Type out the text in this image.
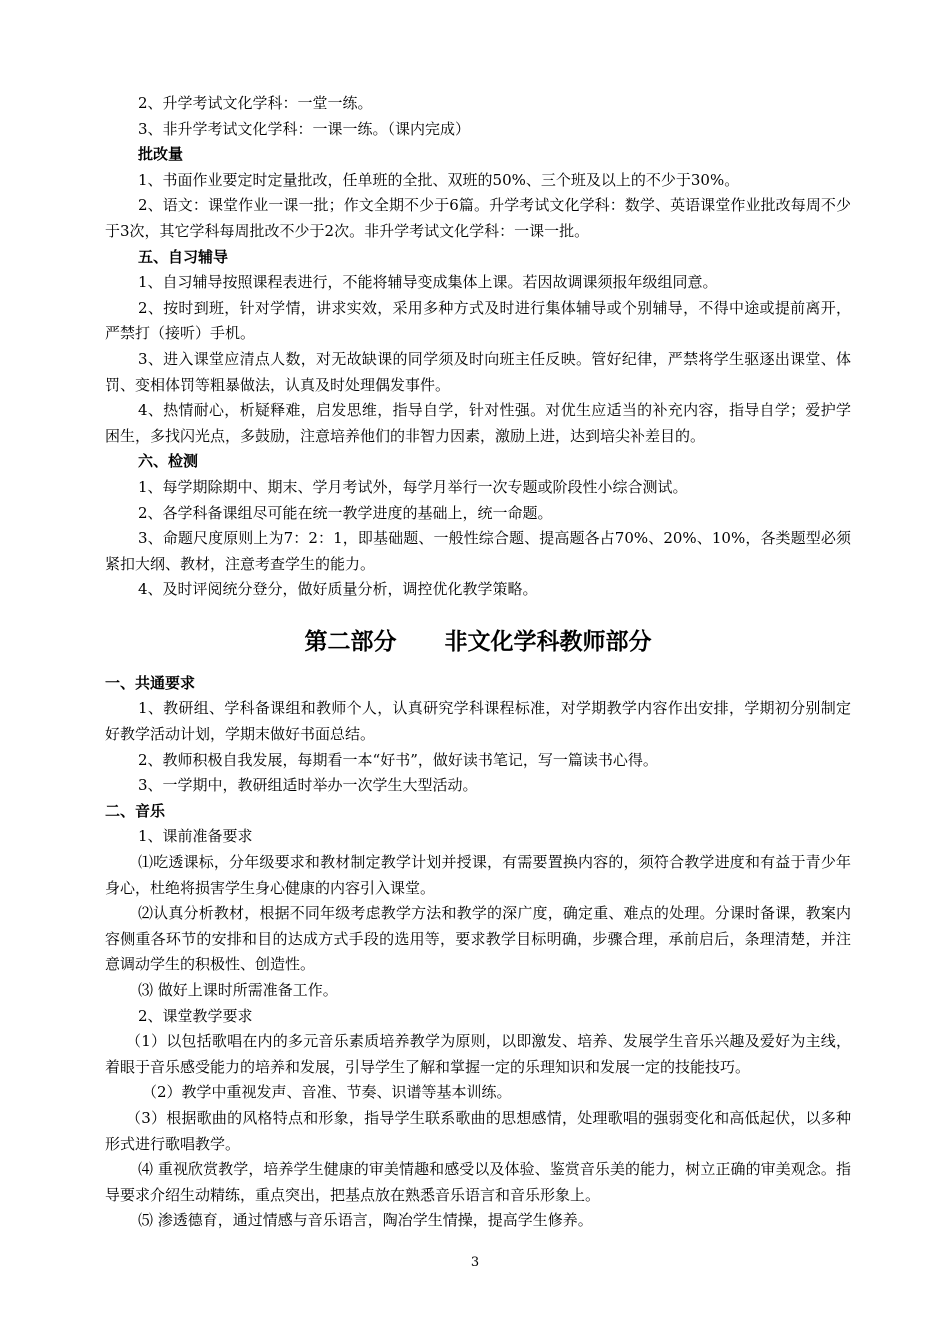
2、升学考试文化学科：一堂一练。

3、非升学考试文化学科：一课一练。（课内完成）

批改量

1、书面作业要定时定量批改，任单班的全批、双班的50%、三个班及以上的不少于30%。

2、语文：课堂作业一课一批；作文全期不少于6篇。升学考试文化学科：数学、英语课堂作业批改每周不少于3次，其它学科每周批改不少于2次。非升学考试文化学科：一课一批。

五、自习辅导

1、自习辅导按照课程表进行，不能将辅导变成集体上课。若因故调课须报年级组同意。

2、按时到班，针对学情，讲求实效，采用多种方式及时进行集体辅导或个别辅导，不得中途或提前离开，严禁打（接听）手机。

3、进入课堂应清点人数，对无故缺课的同学须及时向班主任反映。管好纪律，严禁将学生驱逐出课堂、体罚、变相体罚等粗暴做法，认真及时处理偶发事件。

4、热情耐心，析疑释难，启发思维，指导自学，针对性强。对优生应适当的补充内容，指导自学；爱护学困生，多找闪光点，多鼓励，注意培养他们的非智力因素，激励上进，达到培尖补差目的。

六、检测

1、每学期除期中、期末、学月考试外，每学月举行一次专题或阶段性小综合测试。

2、各学科备课组尽可能在统一教学进度的基础上，统一命题。

3、命题尺度原则上为7：2：1，即基础题、一般性综合题、提高题各占70%、20%、10%，各类题型必须紧扣大纲、教材，注意考查学生的能力。

4、及时评阅统分登分，做好质量分析，调控优化教学策略。

第二部分 非文化学科教师部分

一、共通要求

1、教研组、学科备课组和教师个人，认真研究学科课程标准，对学期教学内容作出安排，学期初分别制定好教学活动计划，学期末做好书面总结。

2、教师积极自我发展，每期看一本“好书”，做好读书笔记，写一篇读书心得。

3、一学期中，教研组适时举办一次学生大型活动。

二、音乐

1、课前准备要求

⑴吃透课标，分年级要求和教材制定教学计划并授课，有需要置换内容的，须符合教学进度和有益于青少年身心，杜绝将损害学生身心健康的内容引入课堂。

⑵认真分析教材，根据不同年级考虑教学方法和教学的深广度，确定重、难点的处理。分课时备课，教案内容侧重各环节的安排和目的达成方式手段的选用等，要求教学目标明确，步骤合理，承前启后，条理清楚，并注意调动学生的积极性、创造性。

⑶ 做好上课时所需准备工作。

2、课堂教学要求

（1）以包括歌唱在内的多元音乐素质培养教学为原则，以即激发、培养、发展学生音乐兴趣及爱好为主线，着眼于音乐感受能力的培养和发展，引导学生了解和掌握一定的乐理知识和发展一定的技能技巧。

（2）教学中重视发声、音准、节奏、识谱等基本训练。

（3）根据歌曲的风格特点和形象，指导学生联系歌曲的思想感情，处理歌唱的强弱变化和高低起伏，以多种形式进行歌唱教学。

⑷ 重视欣赏教学，培养学生健康的审美情趣和感受以及体验、鉴赏音乐美的能力，树立正确的审美观念。指导要求介绍生动精练，重点突出，把基点放在熟悉音乐语言和音乐形象上。

⑸ 渗透德育，通过情感与音乐语言，陶冶学生情操，提高学生修养。

3
